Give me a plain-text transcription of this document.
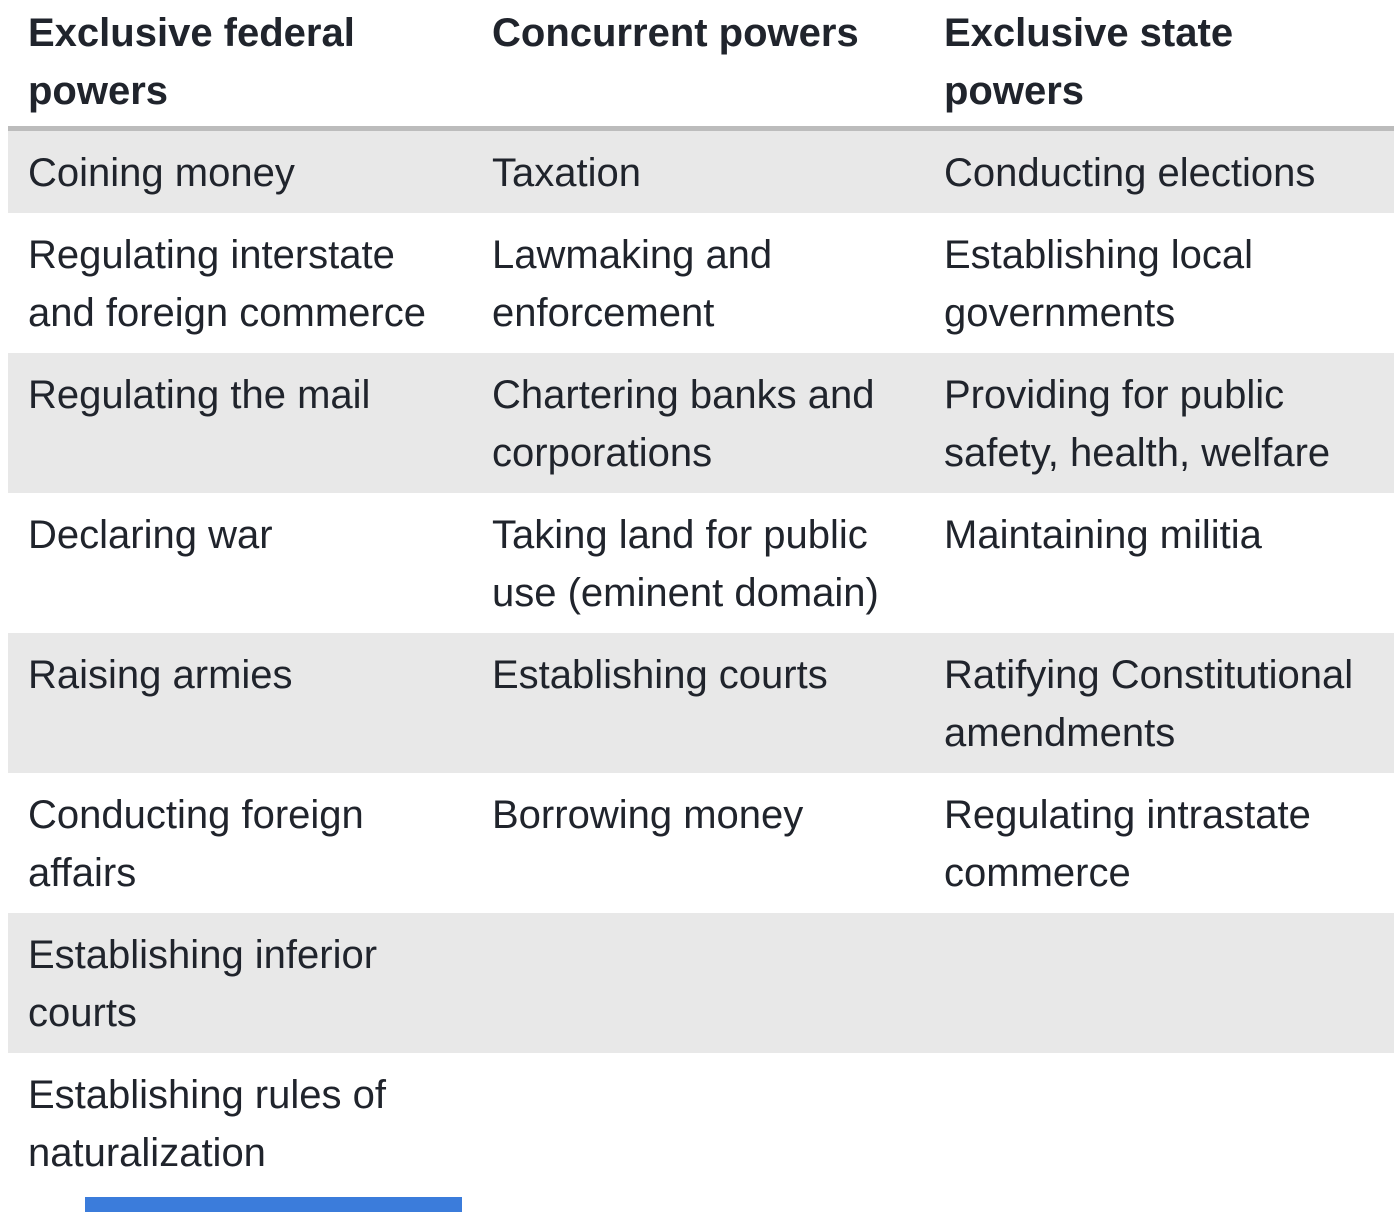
Exclusive federal powers	Concurrent powers	Exclusive state powers
Coining money	Taxation	Conducting elections
Regulating interstate and foreign commerce	Lawmaking and enforcement	Establishing local governments
Regulating the mail	Chartering banks and corporations	Providing for public safety, health, welfare
Declaring war	Taking land for public use (eminent domain)	Maintaining militia
Raising armies	Establishing courts	Ratifying Constitutional amendments
Conducting foreign affairs	Borrowing money	Regulating intrastate commerce
Establishing inferior courts		
Establishing rules of naturalization		
